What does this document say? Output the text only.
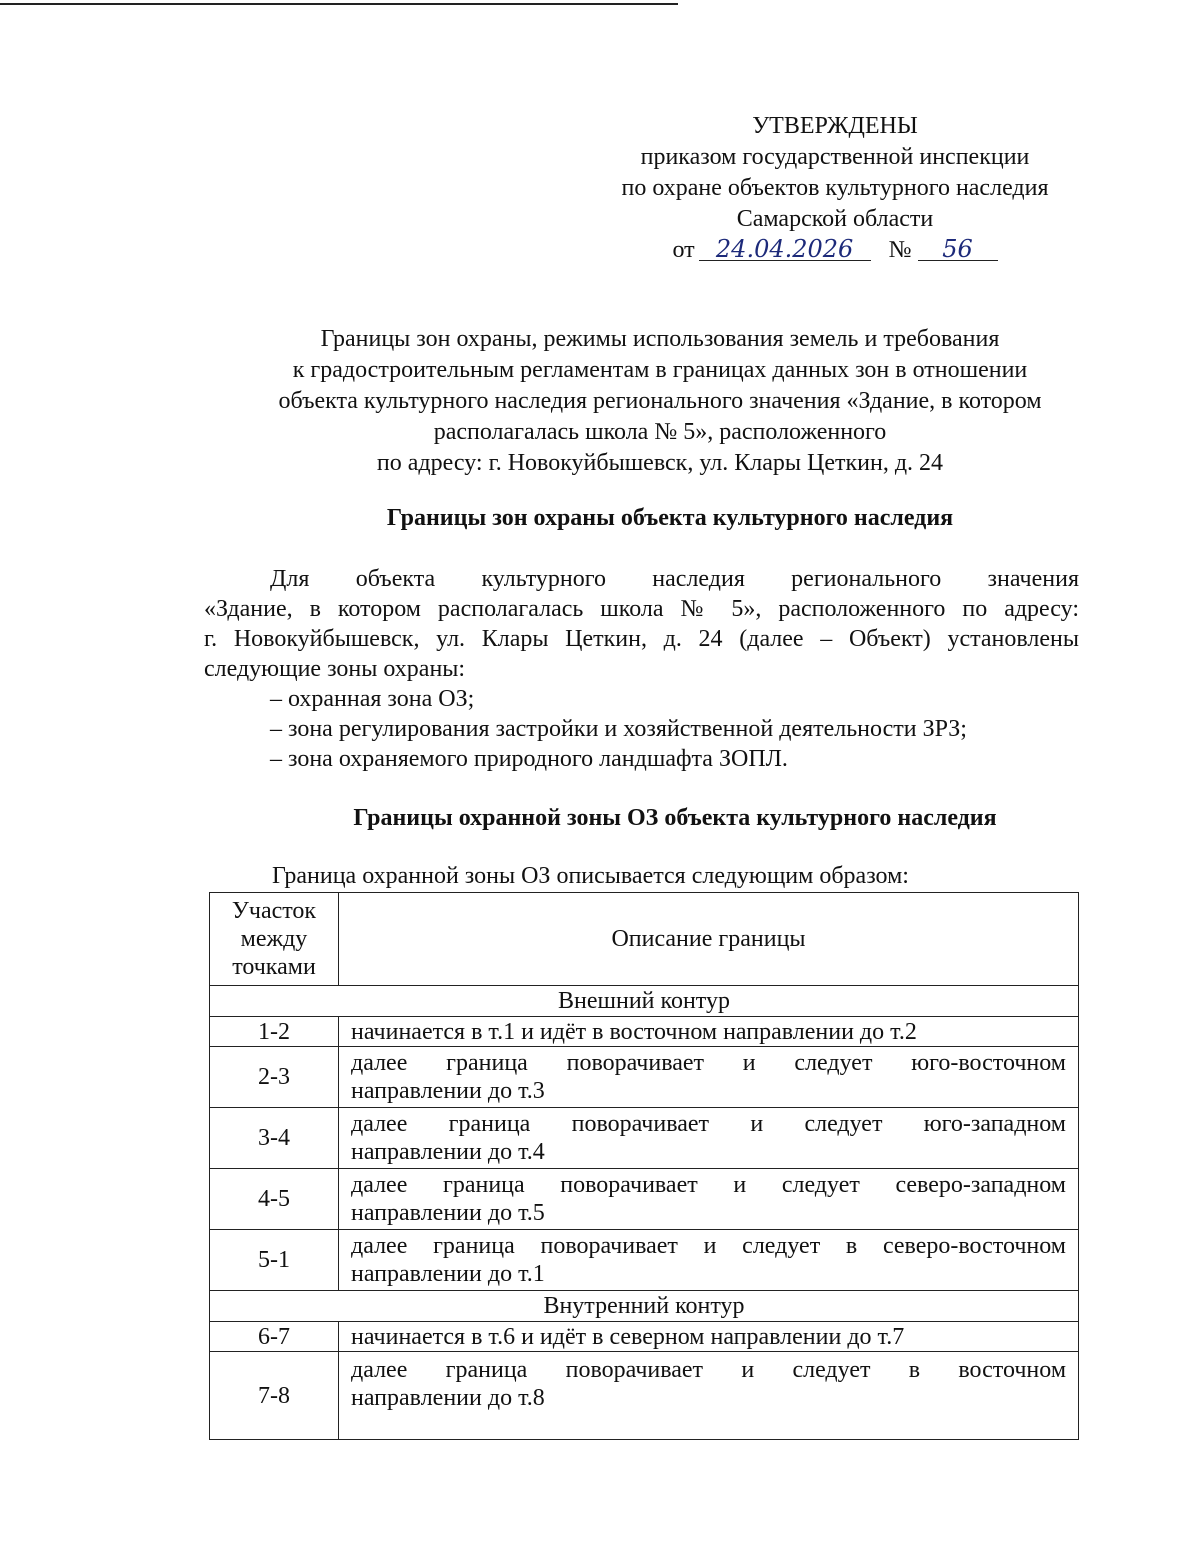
УТВЕРЖДЕНЫ
приказом государственной инспекции
по охране объектов культурного наследия
Самарской области
от 24.04.2026 № 56
Границы зон охраны, режимы использования земель и требования
к градостроительным регламентам в границах данных зон в отношении
объекта культурного наследия регионального значения «Здание, в котором
располагалась школа № 5», расположенного
по адресу: г. Новокуйбышевск, ул. Клары Цеткин, д. 24
Границы зон охраны объекта культурного наследия
Для объекта культурного наследия регионального значения
«Здание, в котором располагалась школа № 5», расположенного по адресу:
г. Новокуйбышевск, ул. Клары Цеткин, д. 24 (далее – Объект) установлены
следующие зоны охраны:
– охранная зона ОЗ;
– зона регулирования застройки и хозяйственной деятельности ЗРЗ;
– зона охраняемого природного ландшафта ЗОПЛ.
Границы охранной зоны ОЗ объекта культурного наследия
Граница охранной зоны ОЗ описывается следующим образом:
Участок
между
точками	Описание границы
Внешний контур	
1-2	начинается в т.1 и идёт в восточном направлении до т.2
2-3	далее граница поворачивает и следует юго-восточном
направлении до т.3

3-4	далее граница поворачивает и следует юго-западном
направлении до т.4

4-5	далее граница поворачивает и следует северо-западном
направлении до т.5

5-1	далее граница поворачивает и следует в северо-восточном
направлении до т.1

Внутренний контур	
6-7	начинается в т.6 и идёт в северном направлении до т.7
7-8	далее граница поворачивает и следует в восточном
направлении до т.8
